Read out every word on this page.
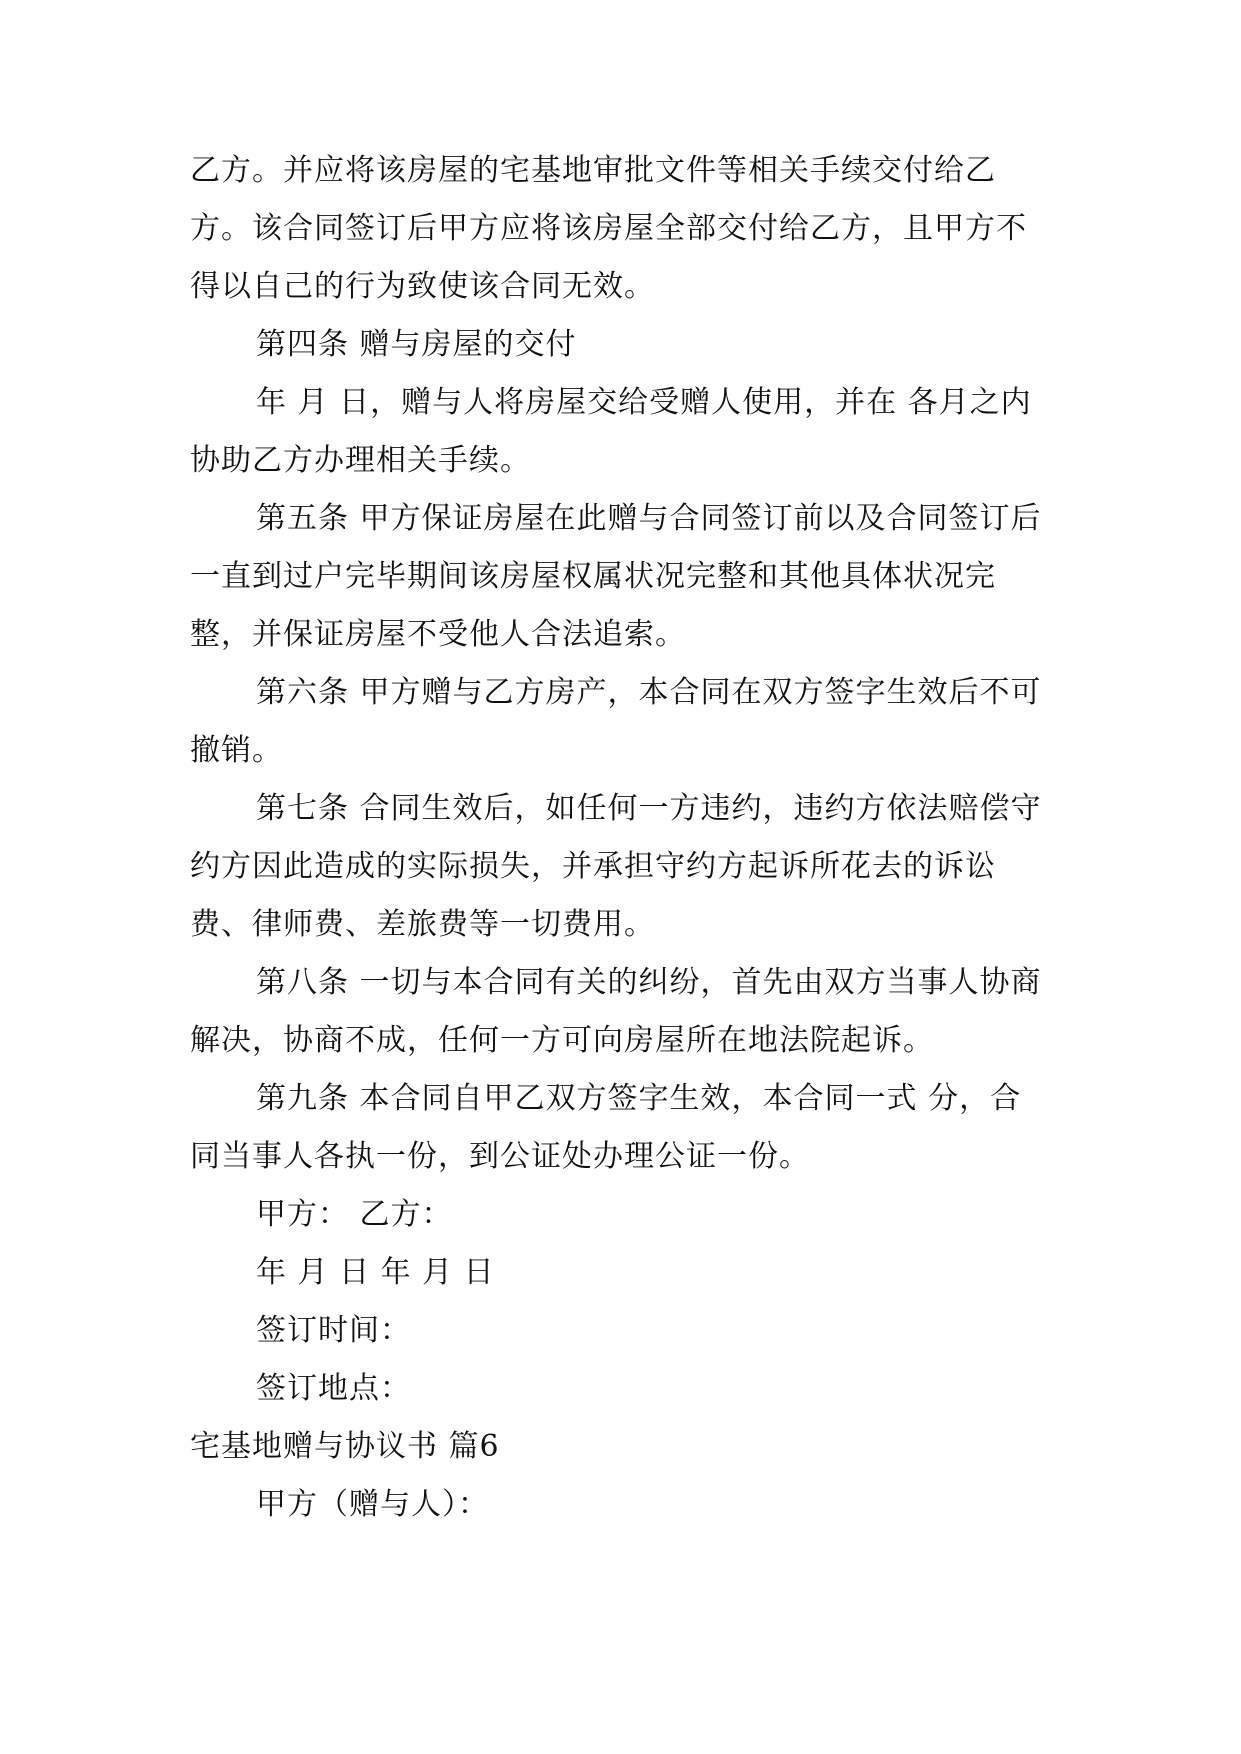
乙方。并应将该房屋的宅基地审批文件等相关手续交付给乙方。该合同签订后甲方应将该房屋全部交付给乙方，且甲方不得以自己的行为致使该合同无效。

第四条 赠与房屋的交付

年 月 日，赠与人将房屋交给受赠人使用，并在 各月之内协助乙方办理相关手续。

第五条 甲方保证房屋在此赠与合同签订前以及合同签订后一直到过户完毕期间该房屋权属状况完整和其他具体状况完整，并保证房屋不受他人合法追索。

第六条 甲方赠与乙方房产，本合同在双方签字生效后不可撤销。

第七条 合同生效后，如任何一方违约，违约方依法赔偿守约方因此造成的实际损失，并承担守约方起诉所花去的诉讼费、律师费、差旅费等一切费用。

第八条 一切与本合同有关的纠纷，首先由双方当事人协商解决，协商不成，任何一方可向房屋所在地法院起诉。

第九条 本合同自甲乙双方签字生效，本合同一式 分，合同当事人各执一份，到公证处办理公证一份。

甲方： 乙方：
年 月 日 年 月 日
签订时间：
签订地点：
宅基地赠与协议书 篇6
甲方（赠与人）：
